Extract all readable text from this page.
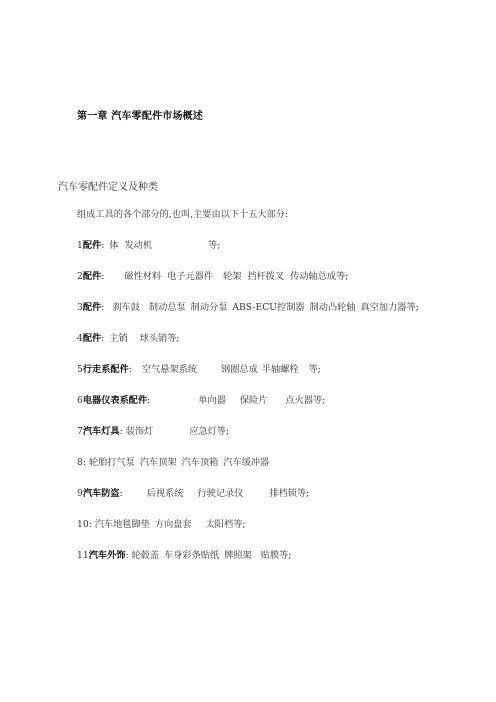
第一章 汽车零配件市场概述
汽车零配件定义及种类
组成工具的各个部分的,也叫,主要由以下十五大部分:
1配件: 体 发动机	等;
2配件: 磁性材料 电子元器件 轮架 挡杆拨叉 传动轴总成等;
3配件: 刹车鼓 制动总泵 制动分泵 ABS-ECU控制器 制动凸轮轴 真空加力器等;
4配件: 主销 球头销等;
5行走系配件: 空气悬架系统	钢圈总成 半轴螺栓 等;
6电器仪表系配件:	单向器 保险片 点火器等;
7汽车灯具: 装饰灯	应急灯等;
8: 轮胎打气泵 汽车顶架 汽车顶箱 汽车缓冲器
9汽车防盗:	后视系统 行驶记录仪	排档锁等;
10: 汽车地毯脚垫 方向盘套 太阳档等;
11汽车外饰: 轮毂盖 车身彩条贴纸 牌照架 贴膜等;
